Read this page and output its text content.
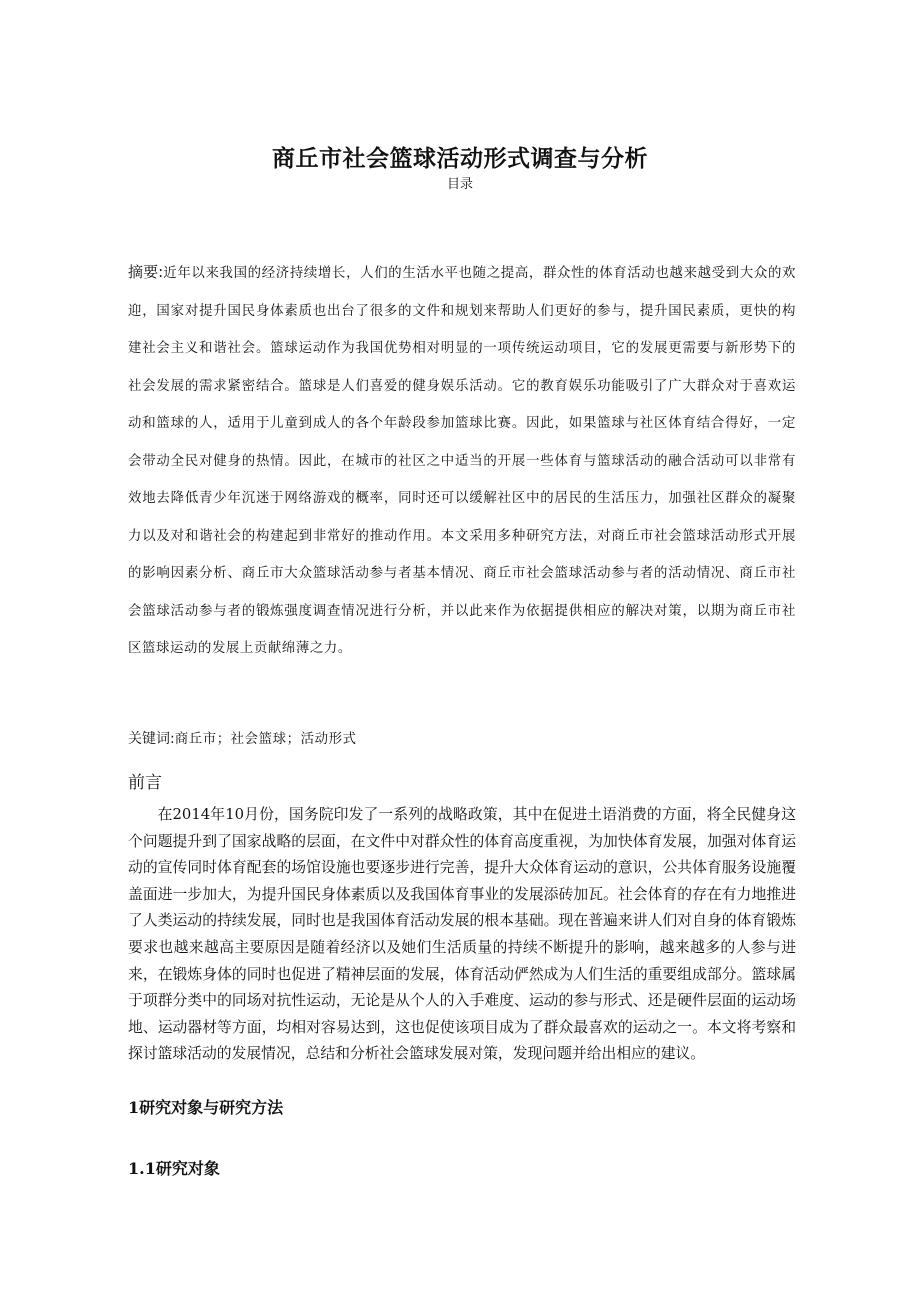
商丘市社会篮球活动形式调查与分析
目录

摘要:近年以来我国的经济持续增长，人们的生活水平也随之提高，群众性的体育活动也越来越受到大众的欢迎，国家对提升国民身体素质也出台了很多的文件和规划来帮助人们更好的参与，提升国民素质，更快的构建社会主义和谐社会。篮球运动作为我国优势相对明显的一项传统运动项目，它的发展更需要与新形势下的社会发展的需求紧密结合。篮球是人们喜爱的健身娱乐活动。它的教育娱乐功能吸引了广大群众对于喜欢运动和篮球的人，适用于儿童到成人的各个年龄段参加篮球比赛。因此，如果篮球与社区体育结合得好，一定会带动全民对健身的热情。因此，在城市的社区之中适当的开展一些体育与篮球活动的融合活动可以非常有效地去降低青少年沉迷于网络游戏的概率，同时还可以缓解社区中的居民的生活压力，加强社区群众的凝聚力以及对和谐社会的构建起到非常好的推动作用。本文采用多种研究方法，对商丘市社会篮球活动形式开展的影响因素分析、商丘市大众篮球活动参与者基本情况、商丘市社会篮球活动参与者的活动情况、商丘市社会篮球活动参与者的锻炼强度调查情况进行分析，并以此来作为依据提供相应的解决对策，以期为商丘市社区篮球运动的发展上贡献绵薄之力。

关键词:商丘市；社会篮球；活动形式

前言

在2014年10月份，国务院印发了一系列的战略政策，其中在促进土语消费的方面，将全民健身这个问题提升到了国家战略的层面，在文件中对群众性的体育高度重视，为加快体育发展，加强对体育运动的宣传同时体育配套的场馆设施也要逐步进行完善，提升大众体育运动的意识，公共体育服务设施覆盖面进一步加大，为提升国民身体素质以及我国体育事业的发展添砖加瓦。社会体育的存在有力地推进了人类运动的持续发展，同时也是我国体育活动发展的根本基础。现在普遍来讲人们对自身的体育锻炼要求也越来越高主要原因是随着经济以及她们生活质量的持续不断提升的影响，越来越多的人参与进来，在锻炼身体的同时也促进了精神层面的发展，体育活动俨然成为人们生活的重要组成部分。篮球属于项群分类中的同场对抗性运动，无论是从个人的入手难度、运动的参与形式、还是硬件层面的运动场地、运动器材等方面，均相对容易达到，这也促使该项目成为了群众最喜欢的运动之一。本文将考察和探讨篮球活动的发展情况，总结和分析社会篮球发展对策，发现问题并给出相应的建议。

1研究对象与研究方法
1.1研究对象
